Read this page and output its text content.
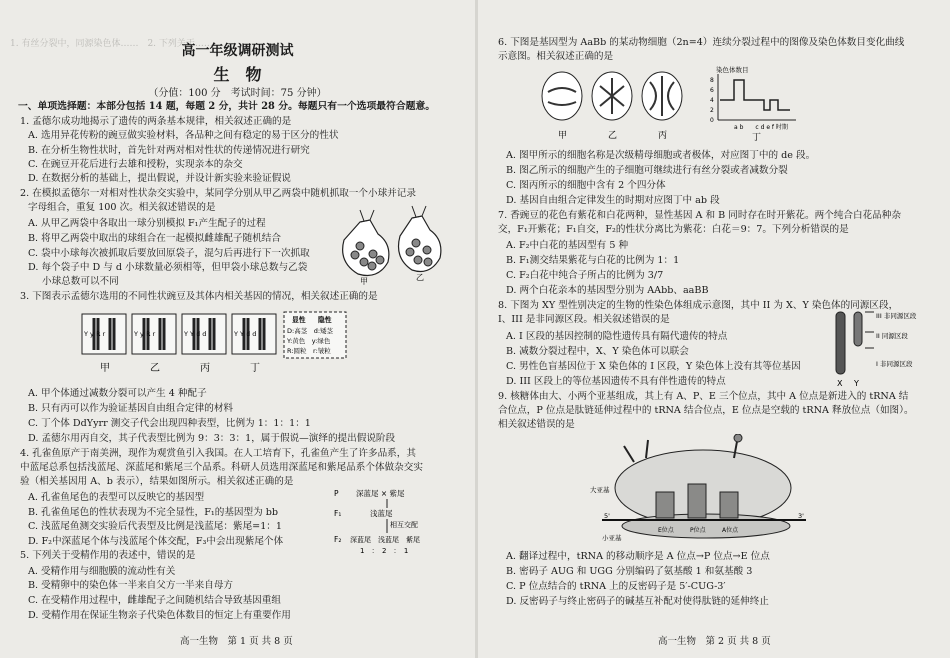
1. 有丝分裂中，同源染色体……　2. 下列关于……
高一年级调研测试
生　物
（分值：100 分　考试时间：75 分钟）
一、单项选择题：本部分包括 14 题，每题 2 分，共计 28 分。每题只有一个选项最符合题意。
1. 孟德尔成功地揭示了遗传的两条基本规律，相关叙述正确的是
A. 选用异花传粉的豌豆做实验材料，各品种之间有稳定的易于区分的性状
B. 在分析生物性状时，首先针对两对相对性状的传递情况进行研究
C. 在豌豆开花后进行去雄和授粉，实现亲本的杂交
D. 在数据分析的基础上，提出假说，并设计新实验来验证假说
2. 在模拟孟德尔一对相对性状杂交实验中，某同学分别从甲乙两袋中随机抓取一个小球并记录
字母组合，重复 100 次。相关叙述错误的是
A. 从甲乙两袋中各取出一球分别模拟 F₁产生配子的过程
B. 将甲乙两袋中取出的球组合在一起模拟雌雄配子随机结合
C. 袋中小球每次被抓取后要放回原袋子，混匀后再进行下一次抓取
D. 每个袋子中 D 与 d 小球数量必须相等，但甲袋小球总数与乙袋
小球总数可以不同	甲	乙
3. 下图表示孟德尔选用的不同性状豌豆及其体内相关基因的情况，相关叙述正确的是
Y y R r	Y y R r	Y Y d d	Y Y d d
显性 隐性
D:高茎　d:矮茎
Y:黄色　y:绿色
R:圆粒　r:皱粒
甲	乙	丙	丁
A. 甲个体通过减数分裂可以产生 4 种配子
B. 只有丙可以作为验证基因自由组合定律的材料
C. 丁个体 DdYyrr 测交子代会出现四种表型，比例为 1：1：1：1
D. 孟德尔用丙自交，其子代表型比例为 9：3：3：1，属于假说—演绎的提出假说阶段
4. 孔雀鱼原产于南美洲，现作为观赏鱼引入我国。在人工培育下，孔雀鱼产生了许多品系，其
中蓝尾总系包括浅蓝尾、深蓝尾和紫尾三个品系。科研人员选用深蓝尾和紫尾品系个体做杂交实
验（相关基因用 A、b 表示），结果如图所示。相关叙述正确的是
A. 孔雀鱼尾色的表型可以反映它的基因型
B. 孔雀鱼尾色的性状表现为不完全显性，F₁的基因型为 bb
C. 浅蓝尾鱼测交实验后代表型及比例是浅蓝尾：紫尾=1：1
D. F₂中深蓝尾个体与浅蓝尾个体交配，F₃中会出现紫尾个体
P 深蓝尾 × 紫尾
F₁	浅蓝尾
相互交配
F₂ 深蓝尾　浅蓝尾　紫尾
1　：　2　：　1
5. 下列关于受精作用的表述中，错误的是
A. 受精作用与细胞膜的流动性有关
B. 受精卵中的染色体一半来自父方一半来自母方
C. 在受精作用过程中，雌雄配子之间随机结合导致基因重组
D. 受精作用在保证生物亲子代染色体数目的恒定上有重要作用
高一生物　第 1 页 共 8 页
6. 下图是基因型为 AaBb 的某动物细胞（2n=4）连续分裂过程中的图像及染色体数目变化曲线
示意图。相关叙述正确的是
甲	乙	丙
染色体数目
8
6
4
2
0
a b　　c d e f 时期
丁
A. 图甲所示的细胞名称是次级精母细胞或者极体，对应图丁中的 de 段。
B. 图乙所示的细胞产生的子细胞可继续进行有丝分裂或者减数分裂
C. 图丙所示的细胞中含有 2 个四分体
D. 基因自由组合定律发生的时期对应图丁中 ab 段
7. 香豌豆的花色有紫花和白花两种，显性基因 A 和 B 同时存在时开紫花。两个纯合白花品种杂
交，F₁开紫花；F₁自交，F₂的性状分离比为紫花：白花＝9：7。下列分析错误的是
A. F₂中白花的基因型有 5 种
B. F₁测交结果紫花与白花的比例为 1：1
C. F₂白花中纯合子所占的比例为 3/7
D. 两个白花亲本的基因型分别为 AAbb、aaBB
8. 下图为 XY 型性别决定的生物的性染色体组成示意图，其中 II 为 X、Y 染色体的同源区段，
I、III 是非同源区段。相关叙述错误的是
A. I 区段的基因控制的隐性遗传具有隔代遗传的特点
B. 减数分裂过程中，X、Y 染色体可以联会
C. 男性色盲基因位于 X 染色体的 I 区段，Y 染色体上没有其等位基因
D. III 区段上的等位基因遗传不具有伴性遗传的特点
III 非同源区段
II 同源区段
I 非同源区段
X Y
9. 核糖体由大、小两个亚基组成，其上有 A、P、E 三个位点，其中 A 位点是新进入的 tRNA 结
合位点，P 位点是肽链延伸过程中的 tRNA 结合位点，E 位点是空载的 tRNA 释放位点（如图）。
相关叙述错误的是
大亚基
小亚基
E位点	P位点	A位点
5'	3'
A. 翻译过程中，tRNA 的移动顺序是 A 位点→P 位点→E 位点
B. 密码子 AUG 和 UGG 分别编码了氨基酸 1 和氨基酸 3
C. P 位点结合的 tRNA 上的反密码子是 5′-CUG-3′
D. 反密码子与终止密码子的碱基互补配对使得肽链的延伸终止
高一生物　第 2 页 共 8 页
